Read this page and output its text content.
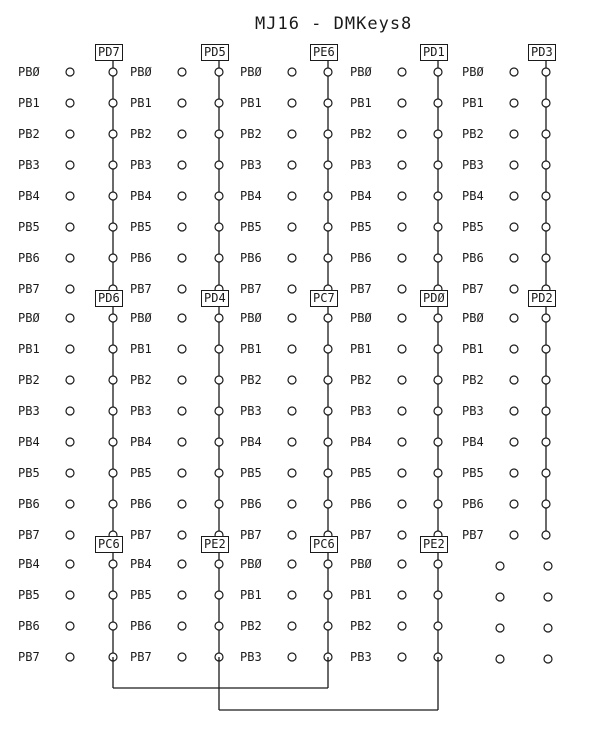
MJ16 - DMKeys8
PD7
PBØ
PB1
PB2
PB3
PB4
PB5
PB6
PB7
PD5
PBØ
PB1
PB2
PB3
PB4
PB5
PB6
PB7
PE6
PBØ
PB1
PB2
PB3
PB4
PB5
PB6
PB7
PD1
PBØ
PB1
PB2
PB3
PB4
PB5
PB6
PB7
PD3
PBØ
PB1
PB2
PB3
PB4
PB5
PB6
PB7
PD6
PBØ
PB1
PB2
PB3
PB4
PB5
PB6
PB7
PD4
PBØ
PB1
PB2
PB3
PB4
PB5
PB6
PB7
PC7
PBØ
PB1
PB2
PB3
PB4
PB5
PB6
PB7
PDØ
PBØ
PB1
PB2
PB3
PB4
PB5
PB6
PB7
PD2
PBØ
PB1
PB2
PB3
PB4
PB5
PB6
PB7
PC6
PB4
PB5
PB6
PB7
PE2
PB4
PB5
PB6
PB7
PC6
PBØ
PB1
PB2
PB3
PE2
PBØ
PB1
PB2
PB3
